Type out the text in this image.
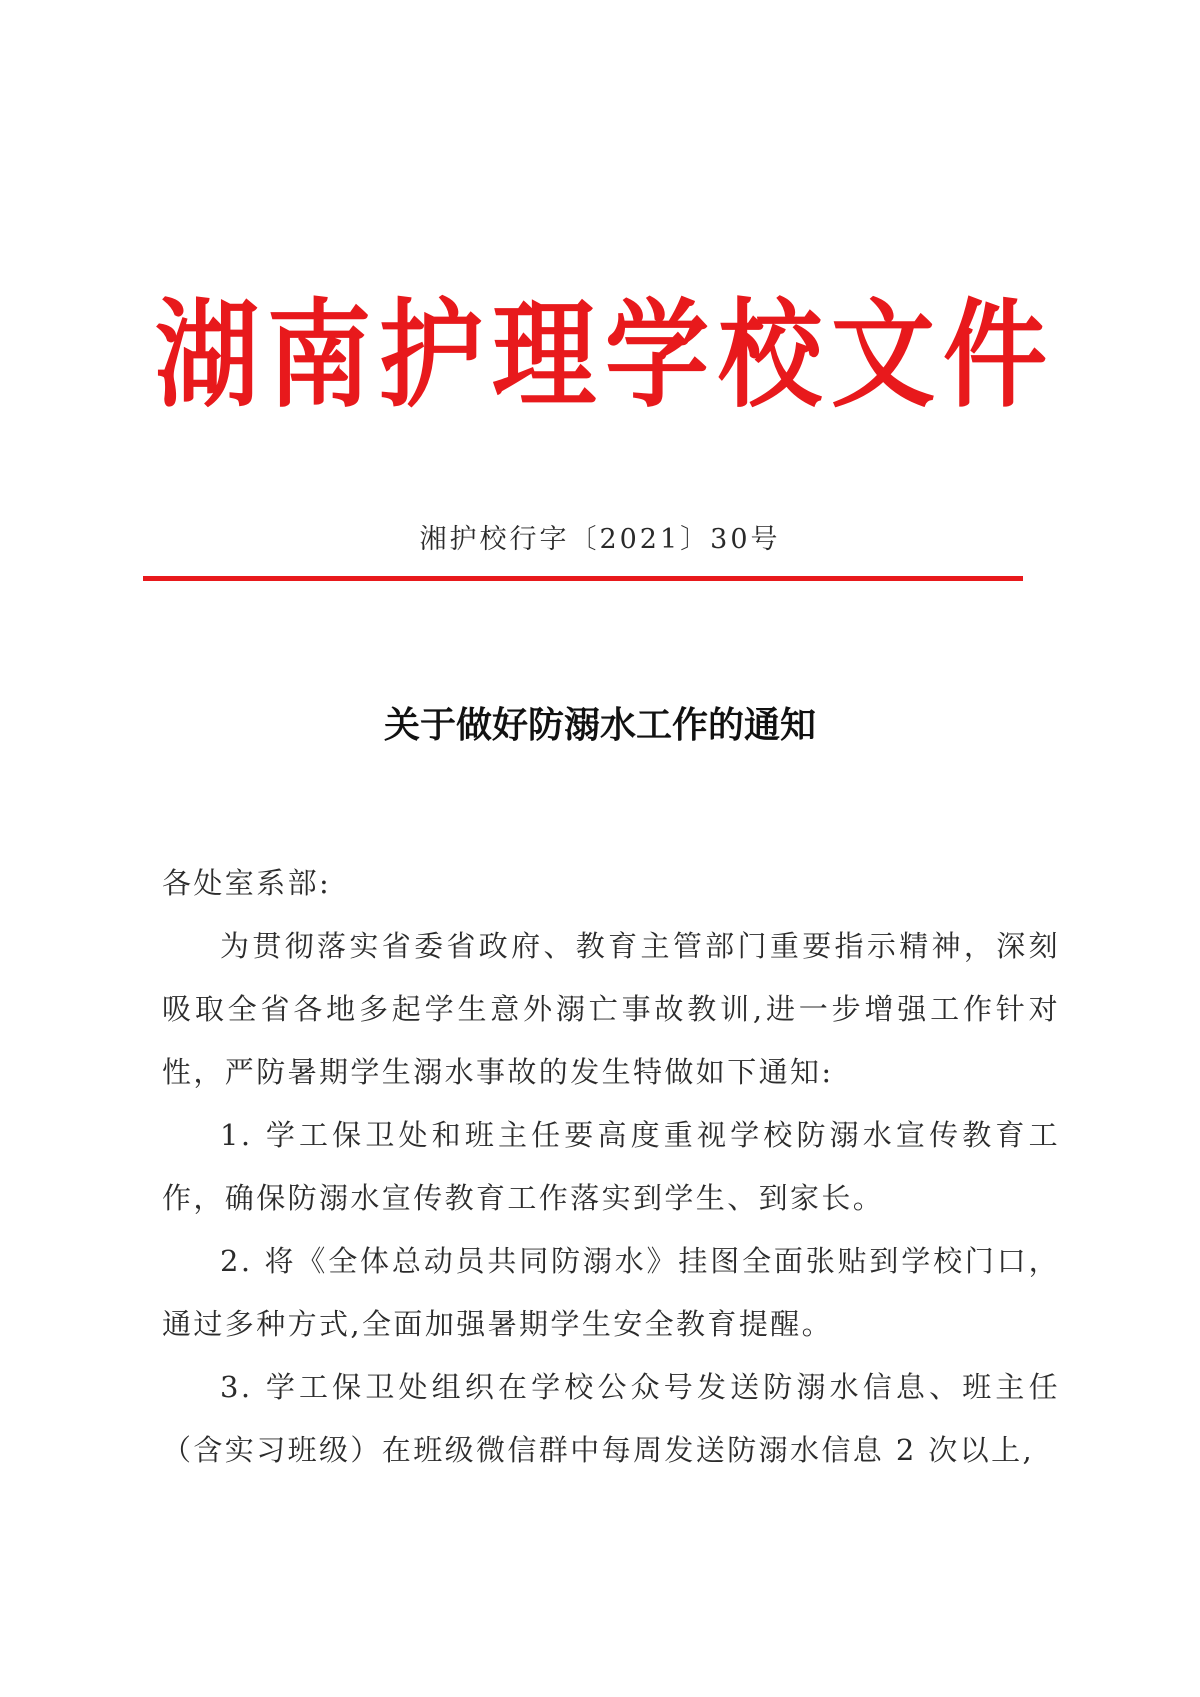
湖 南 护 理 学 校 文 件
湘护校行字〔2021〕30号
关于做好防溺水工作的通知

各处室系部:

为贯彻落实省委省政府、教育主管部门重要指示精神，深刻吸取全省各地多起学生意外溺亡事故教训,进一步增强工作针对性，严防暑期学生溺水事故的发生特做如下通知:

1. 学工保卫处和班主任要高度重视学校防溺水宣传教育工作，确保防溺水宣传教育工作落实到学生、到家长。

2. 将《全体总动员共同防溺水》挂图全面张贴到学校门口，通过多种方式,全面加强暑期学生安全教育提醒。

3. 学工保卫处组织在学校公众号发送防溺水信息、班主任（含实习班级）在班级微信群中每周发送防溺水信息 2 次以上,
